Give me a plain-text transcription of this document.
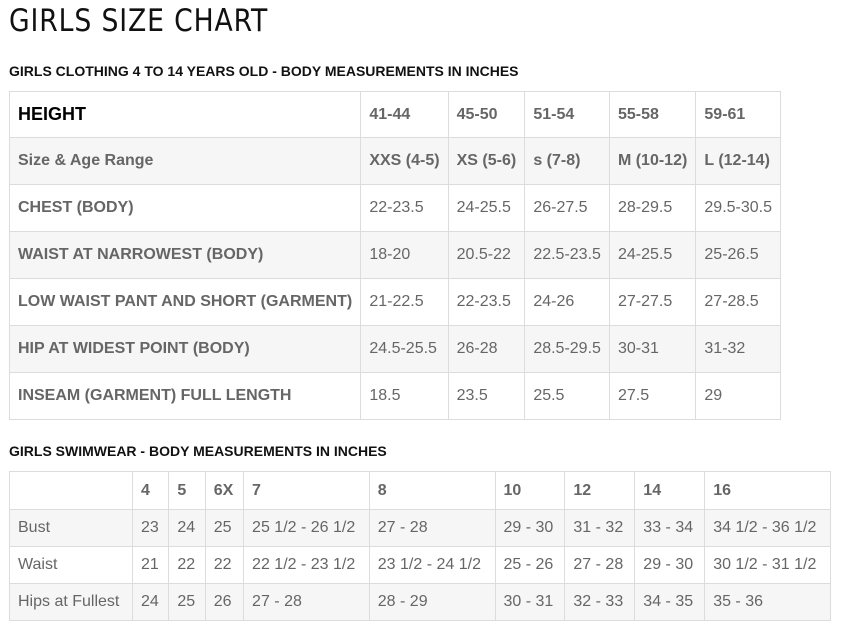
GIRLS SIZE CHART
GIRLS CLOTHING 4 TO 14 YEARS OLD - BODY MEASUREMENTS IN INCHES
HEIGHT	41-44	45-50	51-54	55-58	59-61
Size & Age Range	XXS (4-5)	XS (5-6)	s (7-8)	M (10-12)	L (12-14)
CHEST (BODY)	22-23.5	24-25.5	26-27.5	28-29.5	29.5-30.5
WAIST AT NARROWEST (BODY)	18-20	20.5-22	22.5-23.5	24-25.5	25-26.5
LOW WAIST PANT AND SHORT (GARMENT)	21-22.5	22-23.5	24-26	27-27.5	27-28.5
HIP AT WIDEST POINT (BODY)	24.5-25.5	26-28	28.5-29.5	30-31	31-32
INSEAM (GARMENT) FULL LENGTH	18.5	23.5	25.5	27.5	29
GIRLS SWIMWEAR - BODY MEASUREMENTS IN INCHES
	4	5	6X	7	8	10	12	14	16
Bust	23	24	25	25 1/2 - 26 1/2	27 - 28	29 - 30	31 - 32	33 - 34	34 1/2 - 36 1/2
Waist	21	22	22	22 1/2 - 23 1/2	23 1/2 - 24 1/2	25 - 26	27 - 28	29 - 30	30 1/2 - 31 1/2
Hips at Fullest	24	25	26	27 - 28	28 - 29	30 - 31	32 - 33	34 - 35	35 - 36
